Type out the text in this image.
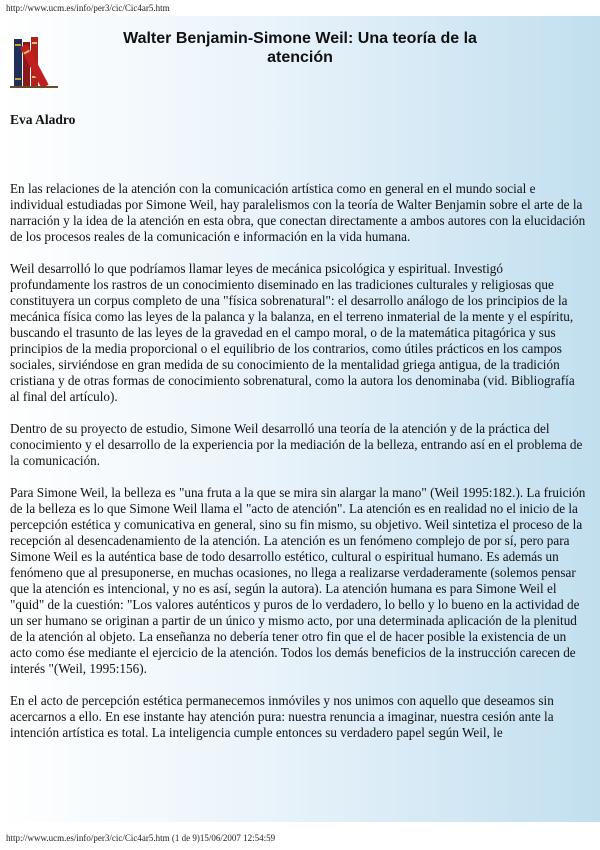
http://www.ucm.es/info/per3/cic/Cic4ar5.htm
Walter Benjamin-Simone Weil: Una teoría de la
atención

Eva Aladro

En las relaciones de la atención con la comunicación artística como en general en el mundo social e individual estudiadas por Simone Weil, hay paralelismos con la teoría de Walter Benjamin sobre el arte de la narración y la idea de la atención en esta obra, que conectan directamente a ambos autores con la elucidación de los procesos reales de la comunicación e información en la vida humana.

Weil desarrolló lo que podríamos llamar leyes de mecánica psicológica y espiritual. Investigó profundamente los rastros de un conocimiento diseminado en las tradiciones culturales y religiosas que constituyera un corpus completo de una "física sobrenatural": el desarrollo análogo de los principios de la mecánica física como las leyes de la palanca y la balanza, en el terreno inmaterial de la mente y el espíritu, buscando el trasunto de las leyes de la gravedad en el campo moral, o de la matemática pitagórica y sus principios de la media proporcional o el equilibrio de los contrarios, como útiles prácticos en los campos sociales, sirviéndose en gran medida de su conocimiento de la mentalidad griega antigua, de la tradición cristiana y de otras formas de conocimiento sobrenatural, como la autora los denominaba (vid. Bibliografía al final del artículo).

Dentro de su proyecto de estudio, Simone Weil desarrolló una teoría de la atención y de la práctica del conocimiento y el desarrollo de la experiencia por la mediación de la belleza, entrando así en el problema de la comunicación.

Para Simone Weil, la belleza es "una fruta a la que se mira sin alargar la mano" (Weil 1995:182.). La fruición de la belleza es lo que Simone Weil llama el "acto de atención". La atención es en realidad no el inicio de la percepción estética y comunicativa en general, sino su fin mismo, su objetivo. Weil sintetiza el proceso de la recepción al desencadenamiento de la atención. La atención es un fenómeno complejo de por sí, pero para Simone Weil es la auténtica base de todo desarrollo estético, cultural o espiritual humano. Es además un fenómeno que al presuponerse, en muchas ocasiones, no llega a realizarse verdaderamente (solemos pensar que la atención es intencional, y no es así, según la autora). La atención humana es para Simone Weil el "quid" de la cuestión: "Los valores auténticos y puros de lo verdadero, lo bello y lo bueno en la actividad de un ser humano se originan a partir de un único y mismo acto, por una determinada aplicación de la plenitud de la atención al objeto. La enseñanza no debería tener otro fin que el de hacer posible la existencia de un acto como ése mediante el ejercicio de la atención. Todos los demás beneficios de la instrucción carecen de interés "(Weil, 1995:156).

En el acto de percepción estética permanecemos inmóviles y nos unimos con aquello que deseamos sin acercarnos a ello. En ese instante hay atención pura: nuestra renuncia a imaginar, nuestra cesión ante la intención artística es total. La inteligencia cumple entonces su verdadero papel según Weil, le

http://www.ucm.es/info/per3/cic/Cic4ar5.htm (1 de 9)15/06/2007 12:54:59
